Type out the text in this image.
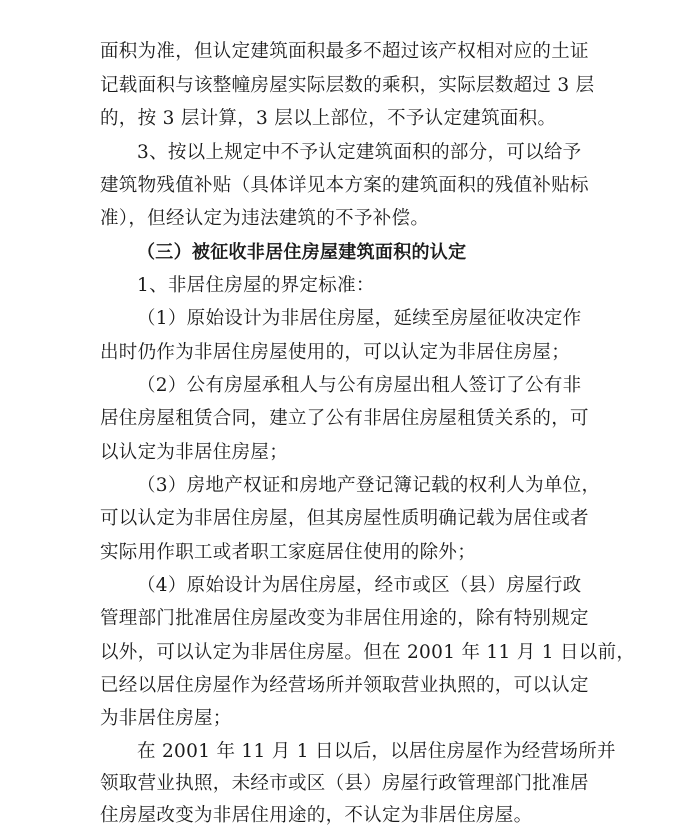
面积为准，但认定建筑面积最多不超过该产权相对应的土证
记载面积与该整幢房屋实际层数的乘积，实际层数超过 3 层
的，按 3 层计算，3 层以上部位，不予认定建筑面积。
3、按以上规定中不予认定建筑面积的部分，可以给予
建筑物残值补贴（具体详见本方案的建筑面积的残值补贴标
准），但经认定为违法建筑的不予补偿。
（三）被征收非居住房屋建筑面积的认定
1、非居住房屋的界定标准：
（1）原始设计为非居住房屋，延续至房屋征收决定作
出时仍作为非居住房屋使用的，可以认定为非居住房屋；
（2）公有房屋承租人与公有房屋出租人签订了公有非
居住房屋租赁合同，建立了公有非居住房屋租赁关系的，可
以认定为非居住房屋；
（3）房地产权证和房地产登记簿记载的权利人为单位，
可以认定为非居住房屋，但其房屋性质明确记载为居住或者
实际用作职工或者职工家庭居住使用的除外；
（4）原始设计为居住房屋，经市或区（县）房屋行政
管理部门批准居住房屋改变为非居住用途的，除有特别规定
以外，可以认定为非居住房屋。但在 2001 年 11 月 1 日以前，
已经以居住房屋作为经营场所并领取营业执照的，可以认定
为非居住房屋；
在 2001 年 11 月 1 日以后，以居住房屋作为经营场所并
领取营业执照，未经市或区（县）房屋行政管理部门批准居
住房屋改变为非居住用途的，不认定为非居住房屋。
